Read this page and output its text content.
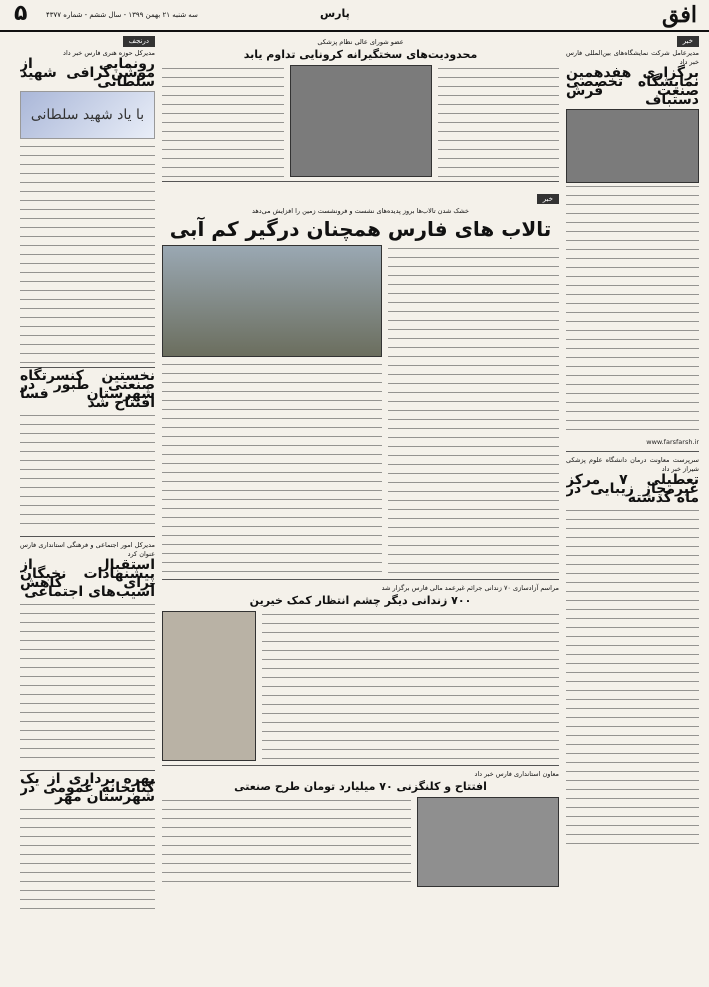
افق
پارس
۵	سه شنبه ۲۱ بهمن ۱۳۹۹ - سال ششم - شماره ۴۳۷۷
خبر
مدیرعامل شرکت نمایشگاه‌های بین‌المللی فارس خبر داد
برگزاری هفدهمین نمایشگاه تخصصی صنعت فرش دستباف
www.farsfarsh.ir
سرپرست معاونت درمان دانشگاه علوم پزشکی شیراز خبر داد
تعطیلی ۷ مرکز غیرمجاز زیبایی در ماه گذشته
عضو شورای عالی نظام پزشکی
محدودیت‌های سختگیرانه کرونایی تداوم یابد
خبر
خشک شدن تالاب‌ها بروز پدیده‌های نشست و فرونشست زمین را افزایش می‌دهد
تالاب های فارس همچنان درگیر کم آبی
مراسم آزادسازی ۷۰ زندانی جرائم غیرعمد مالی فارس برگزار شد
۷۰۰ زندانی دیگر چشم انتظار کمک خیرین
معاون استانداری فارس خبر داد
افتتاح و کلنگزنی ۷۰ میلیارد تومان طرح صنعتی
درنجف
مدیرکل حوزه هنری فارس خبر داد
رونمایی از موشن‌گرافی شهید سلطانی
با یاد شهید سلطانی
نخستین کنسرتگاه صنعتی طبور در شهرستان فسا افتتاح شد
مدیرکل امور اجتماعی و فرهنگی استانداری فارس عنوان کرد
استقبال از پیشنهادات نخبگان برای کاهش آسیب‌های اجتماعی
بهره برداری از یک کتابخانه عمومی در شهرستان مهر
